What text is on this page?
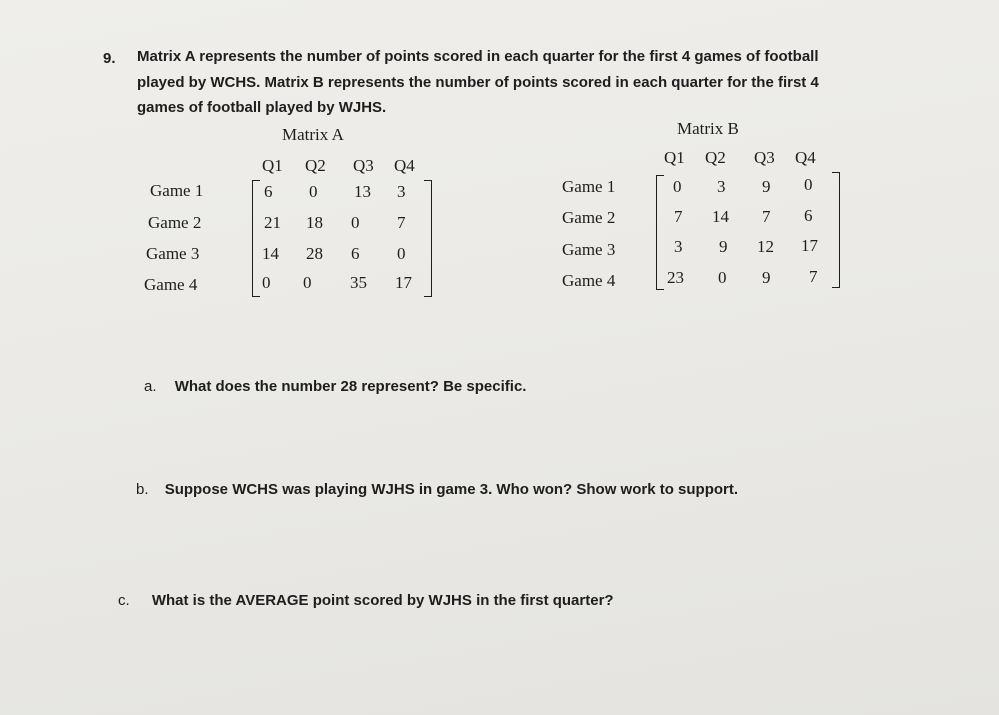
9. Matrix A represents the number of points scored in each quarter for the first 4 games of football
played by WCHS. Matrix B represents the number of points scored in each quarter for the first 4
games of football played by WJHS.
Matrix A
Q1 Q2 Q3 Q4
Game 1
Game 2
Game 3
Game 4
6 0 13 3
21 18 0 7
14 28 6 0
0 0 35 17
Matrix B
Q1 Q2 Q3 Q4
Game 1
Game 2
Game 3
Game 4
0 3 9 0
7 14 7 6
3 9 12 17
23 0 9 7
a. What does the number 28 represent? Be specific.
b. Suppose WCHS was playing WJHS in game 3. Who won? Show work to support.
c. What is the AVERAGE point scored by WJHS in the first quarter?
